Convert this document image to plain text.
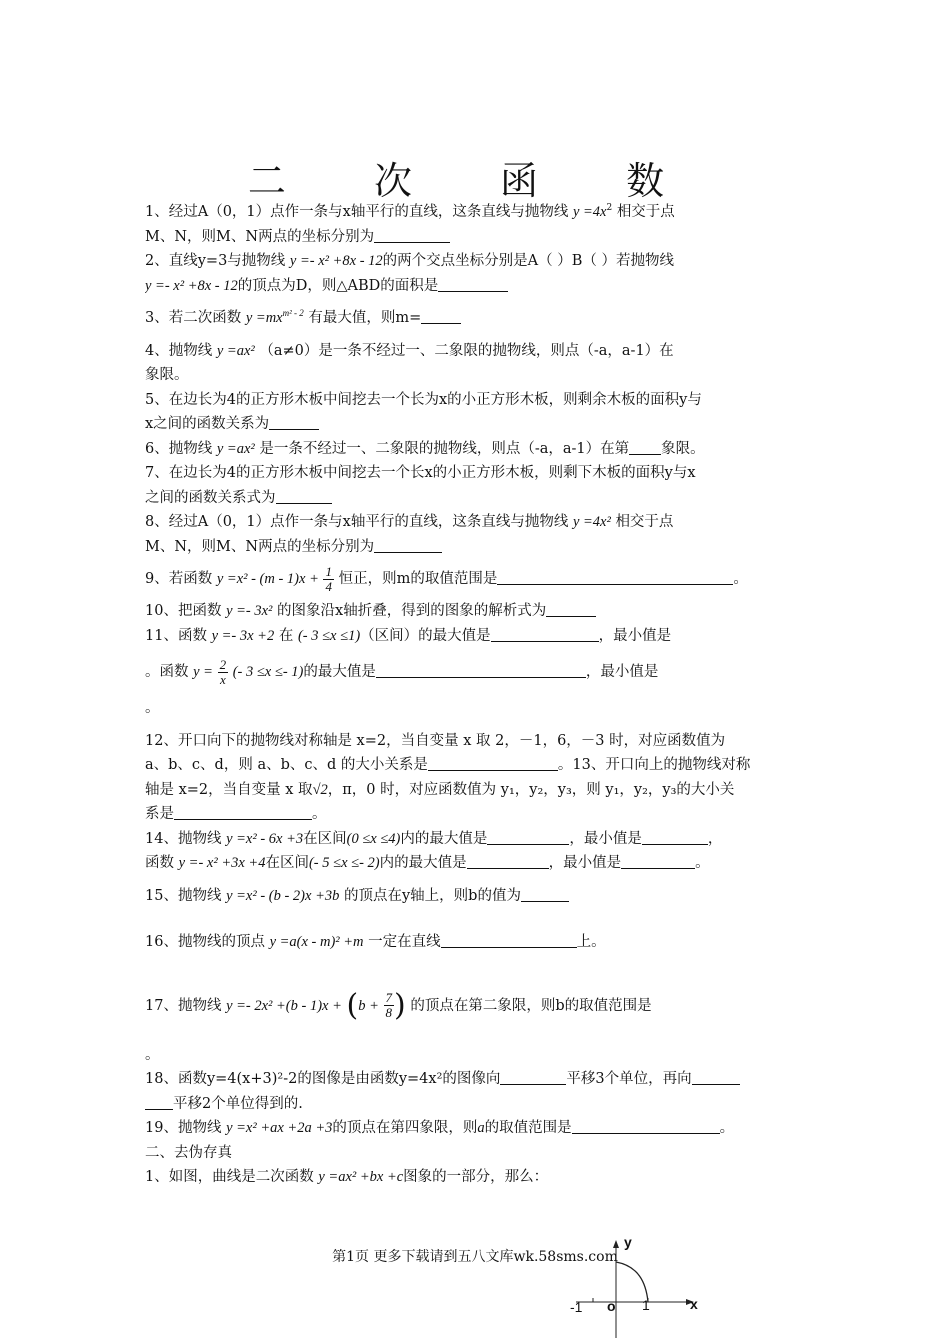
二 次 函 数
1、经过A（0，1）点作一条与x轴平行的直线，这条直线与抛物线 $y =4x^2$ 相交于点
M、N，则M、N两点的坐标分别为
2、直线y=3与抛物线 y =- x² +8x - 12的两个交点坐标分别是A（ ）B（ ）若抛物线
y =- x² +8x - 12的顶点为D，则△ABD的面积是
3、若二次函数 $y =mx^{m^2 - 2}$ 有最大值，则m=
4、抛物线 y =ax² （a≠0）是一条不经过一、二象限的抛物线，则点（-a，a-1）在
象限。
5、在边长为4的正方形木板中间挖去一个长为x的小正方形木板，则剩余木板的面积y与
x之间的函数关系为
6、抛物线 y =ax² 是一条不经过一、二象限的抛物线，则点（-a，a-1）在第 象限。
7、在边长为4的正方形木板中间挖去一个长x的小正方形木板，则剩下木板的面积y与x
之间的函数关系式为
8、经过A（0，1）点作一条与x轴平行的直线，这条直线与抛物线 y =4x² 相交于点
M、N，则M、N两点的坐标分别为
9、若函数 $y =x^2 - (m - 1)x + \frac{1}{4}$ 恒正，则m的取值范围是	。
10、把函数 y =- 3x² 的图象沿x轴折叠，得到的图象的解析式为
11、函数 y =- 3x +2 在 (- 3 ≤x ≤1)（区间）的最大值是	，最小值是
。函数 $y = \frac{2}{x}$ (- 3 ≤x ≤- 1)的最大值是	，最小值是
。
12、开口向下的抛物线对称轴是 x=2，当自变量 x 取 2，－1，6，－3 时，对应函数值为
a、b、c、d，则 a、b、c、d 的大小关系是	。13、开口向上的抛物线对称
轴是 x=2，当自变量 x 取√2，π，0 时，对应函数值为 y₁，y₂，y₃，则 y₁，y₂，y₃的大小关
系是	。
14、抛物线 y =x² - 6x +3在区间(0 ≤x ≤4)内的最大值是	，最小值是	，
函数 y =- x² +3x +4在区间(- 5 ≤x ≤- 2)内的最大值是	，最小值是	。
15、抛物线 y =x² - (b - 2)x +3b 的顶点在y轴上，则b的值为
16、抛物线的顶点 y =a(x - m)² +m 一定在直线	上。
17、抛物线 $y =- 2x^2 +(b - 1)x + (b + \frac{7}{8}$ ) 的顶点在第二象限，则b的取值范围是
。
18、函数y=4(x+3)²-2的图像是由函数y=4x²的图像向	平移3个单位，再向
平移2个单位得到的.
19、抛物线 y =x² +ax +2a +3的顶点在第四象限，则a的取值范围是	。
二、去伪存真
1、如图，曲线是二次函数 y =ax² +bx +c图象的一部分，那么：
第1页 更多下载请到五八文库wk.58sms.com
y
x
o
-1	1
